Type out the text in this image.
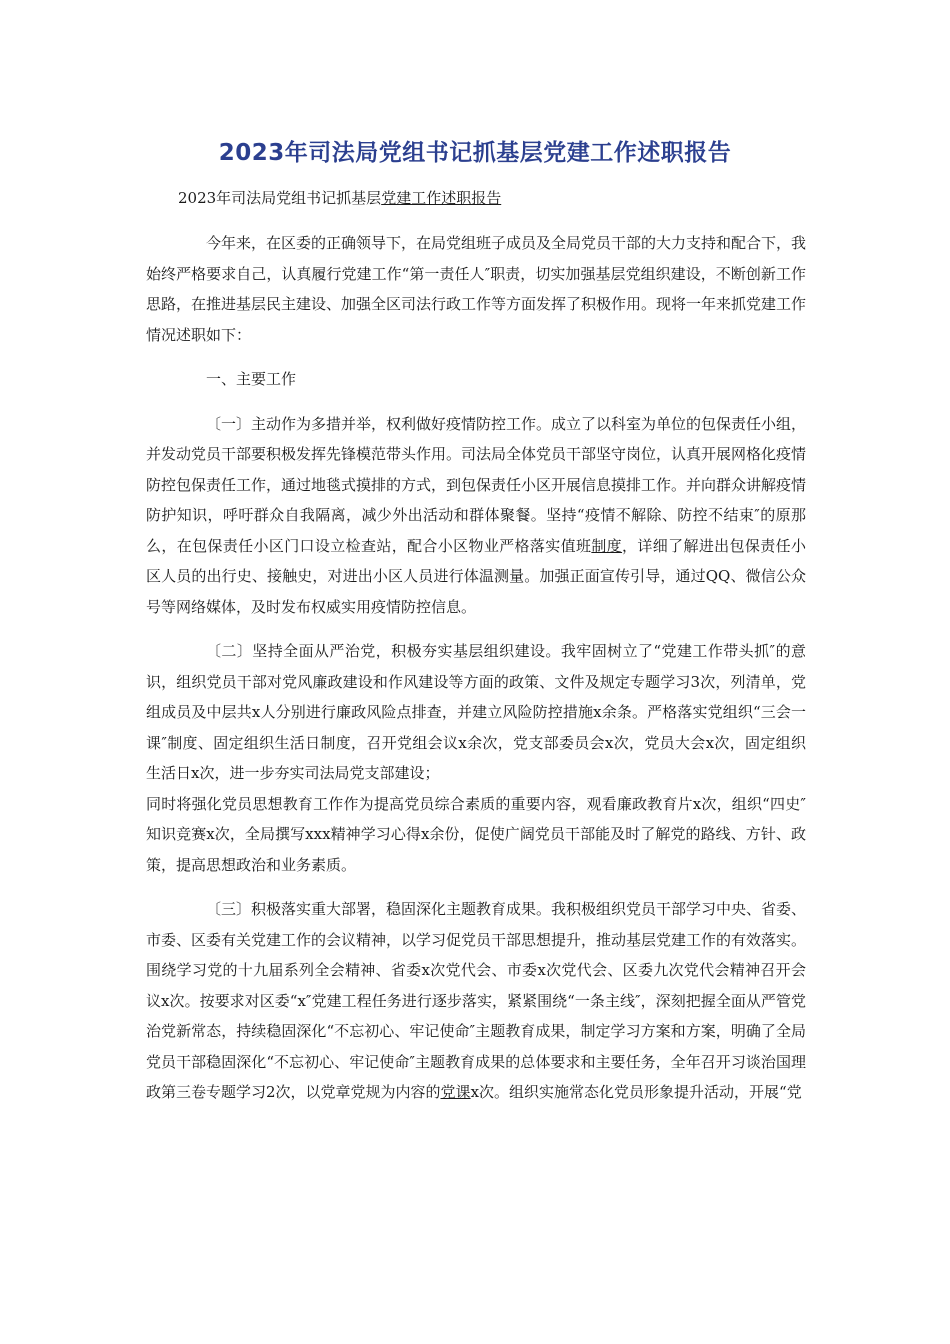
2023年司法局党组书记抓基层党建工作述职报告
2023年司法局党组书记抓基层党建工作述职报告

今年来，在区委的正确领导下，在局党组班子成员及全局党员干部的大力支持和配合下，我始终严格要求自己，认真履行党建工作“第一责任人″职责，切实加强基层党组织建设，不断创新工作思路，在推进基层民主建设、加强全区司法行政工作等方面发挥了积极作用。现将一年来抓党建工作情况述职如下：

一、主要工作

〔一〕主动作为多措并举，权利做好疫情防控工作。成立了以科室为单位的包保责任小组，并发动党员干部要积极发挥先锋模范带头作用。司法局全体党员干部坚守岗位，认真开展网格化疫情防控包保责任工作，通过地毯式摸排的方式，到包保责任小区开展信息摸排工作。并向群众讲解疫情防护知识，呼吁群众自我隔离，减少外出活动和群体聚餐。坚持“疫情不解除、防控不结束″的原那么，在包保责任小区门口设立检查站，配合小区物业严格落实值班制度，详细了解进出包保责任小区人员的出行史、接触史，对进出小区人员进行体温测量。加强正面宣传引导，通过QQ、微信公众号等网络媒体，及时发布权威实用疫情防控信息。

〔二〕坚持全面从严治党，积极夯实基层组织建设。我牢固树立了“党建工作带头抓″的意识，组织党员干部对党风廉政建设和作风建设等方面的政策、文件及规定专题学习3次，列清单，党组成员及中层共x人分别进行廉政风险点排查，并建立风险防控措施x余条。严格落实党组织“三会一课″制度、固定组织生活日制度，召开党组会议x余次，党支部委员会x次，党员大会x次，固定组织生活日x次，进一步夯实司法局党支部建设；

同时将强化党员思想教育工作作为提高党员综合素质的重要内容，观看廉政教育片x次，组织“四史″知识竞赛x次，全局撰写xxx精神学习心得x余份，促使广阔党员干部能及时了解党的路线、方针、政策，提高思想政治和业务素质。

〔三〕积极落实重大部署，稳固深化主题教育成果。我积极组织党员干部学习中央、省委、市委、区委有关党建工作的会议精神，以学习促党员干部思想提升，推动基层党建工作的有效落实。围绕学习党的十九届系列全会精神、省委x次党代会、市委x次党代会、区委九次党代会精神召开会议x次。按要求对区委“x″党建工程任务进行逐步落实，紧紧围绕“一条主线″，深刻把握全面从严管党治党新常态，持续稳固深化“不忘初心、牢记使命″主题教育成果，制定学习方案和方案，明确了全局党员干部稳固深化“不忘初心、牢记使命″主题教育成果的总体要求和主要任务，全年召开习谈治国理政第三卷专题学习2次，以党章党规为内容的党课x次。组织实施常态化党员形象提升活动，开展“党
